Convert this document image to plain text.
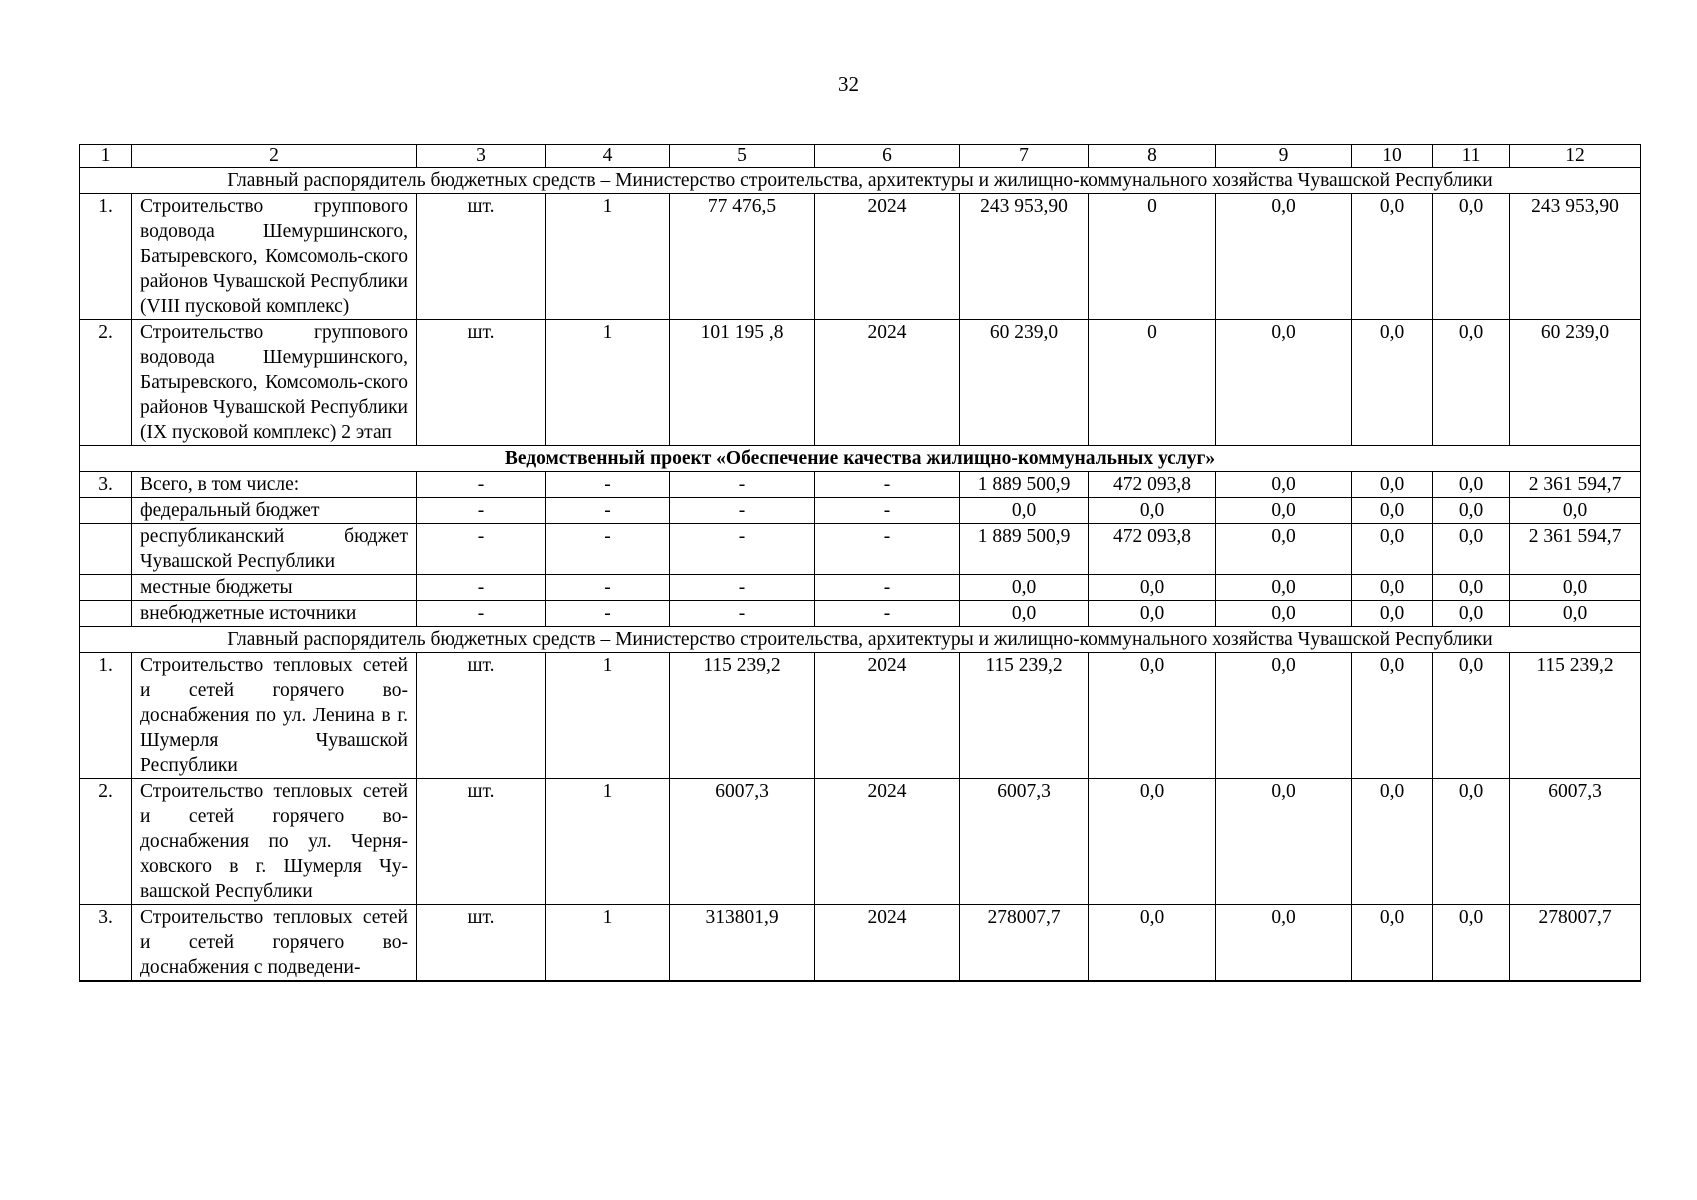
32
1	2	3	4	5	6	7	8	9	10	11	12
Главный распорядитель бюджетных средств – Министерство строительства, архитектуры и жилищно-коммунального хозяйства Чувашской Республики											
1.	Строительство группового водовода Шемуршинского, Батыревского, Комсомоль-ского районов Чувашской Республики (VIII пусковой комплекс)	шт.	1	77 476,5	2024	243 953,90	0	0,0	0,0	0,0	243 953,90
2.	Строительство группового водовода Шемуршинского, Батыревского, Комсомоль-ского районов Чувашской Республики (IX пусковой комплекс) 2 этап	шт.	1	101 195 ,8	2024	60 239,0	0	0,0	0,0	0,0	60 239,0
Ведомственный проект «Обеспечение качества жилищно-коммунальных услуг»											
3.	Всего, в том числе:	-	-	-	-	1 889 500,9	472 093,8	0,0	0,0	0,0	2 361 594,7
	федеральный бюджет	-	-	-	-	0,0	0,0	0,0	0,0	0,0	0,0
	республиканский бюджет Чувашской Республики	-	-	-	-	1 889 500,9	472 093,8	0,0	0,0	0,0	2 361 594,7
	местные бюджеты	-	-	-	-	0,0	0,0	0,0	0,0	0,0	0,0
	внебюджетные источники	-	-	-	-	0,0	0,0	0,0	0,0	0,0	0,0
Главный распорядитель бюджетных средств – Министерство строительства, архитектуры и жилищно-коммунального хозяйства Чувашской Республики											
1.	Строительство тепловых сетей и сетей горячего во-доснабжения по ул. Ленина в г. Шумерля Чувашской Республики	шт.	1	115 239,2	2024	115 239,2	0,0	0,0	0,0	0,0	115 239,2
2.	Строительство тепловых сетей и сетей горячего во-доснабжения по ул. Черня-ховского в г. Шумерля Чу-вашской Республики	шт.	1	6007,3	2024	6007,3	0,0	0,0	0,0	0,0	6007,3
3.	Строительство тепловых сетей и сетей горячего во-доснабжения с подведени-	шт.	1	313801,9	2024	278007,7	0,0	0,0	0,0	0,0	278007,7
